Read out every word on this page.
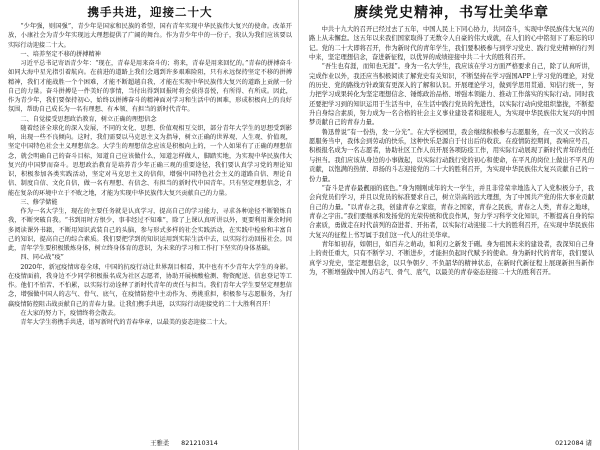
携手共进，迎接二十大

“少年强，则国强”，青少年是国家和民族的希望，国有青年实现中华民族伟大复兴的使命。改革开放，小康社会为青少年实现远大理想提供了广阔的舞台。作为青少年中的一份子，我认为我们应该要以实际行动迎接二十大。

一、培养坚定不移的拼搏精神

习近平总书记寄语青少年：“现在，青春是用来奋斗的；将来，青春是用来回忆的。”青春的拼搏奋斗如同大海中星光指引着航向。在前进的道路上我们会遇到许多艰难险阻，只有永远保持坚定不移的拼搏精神，我们才能战胜一个个困难，才能不断超越自我，才能在实现中华民族伟大复兴的道路上贡献一份自己的力量。奋斗拼搏是一件美好的事情，当付出得到回报时将会获得喜悦，有所得、有所成。因此，作为青少年，我们要保持初心，始终以拼搏奋斗的精神面对学习和生活中的困难，形成积极向上的良好氛围，帮助自己成长为一名有理想、有本领、有担当的新时代青年。

二、自觉接受思想政治教育，树立正确的理想信念

随着经济全球化的深入发展，不同的文化、思想、价值观相互交织，部分青年大学生的思想受到影响，出现一些不良倾向。这时，我们需要以马克思主义为指导，树立正确的世界观、人生观、价值观，坚定中国特色社会主义理想信念。大学生的理想信念应该是积极向上的，一个人如果有了正确的理想信念，就会明确自己的奋斗目标，知道自己应该做什么，知道怎样做人，脚踏实地，为实现中华民族伟大复兴的中国梦而奋斗。思想政治教育是培养青少年正确三观的重要途径，我们要认真学习党的理论知识，积极参加各类实践活动，坚定对马克思主义的信仰，增强中国特色社会主义的道路自信、理论自信、制度自信、文化自信，做一名有理想、有信念、有担当的新时代中国青年。只有坚定理想信念，才能在复杂的环境中立于不败之地，才能为实现中华民族伟大复兴贡献自己的力量。

三、修学储能

作为一名大学生，现在的主要任务就是认真学习，提高自己的学习能力，寻求各种途径不断锻炼自我，不断突破自我。“书到用时方恨少，事非经过不知难”，除了上课认真听讲以外，更要利用课余时间多阅读课外书籍，不断用知识武装自己的头脑，参与形式多样的社会实践活动，在实践中检验和丰富自己的知识，提高自己的综合素质。我们要把学到的知识运用到实际生活中去，以实际行动回报社会。因此，青年学生要积极锻炼身体，树立终身体育的意识，为未来的学习和工作打下坚实的身体基础。

四、同心战“疫”

2020年，新冠疫情席卷全球，中国的抗疫行动让世界刮目相看，其中也有不少青年大学生的身影。在疫情面前，我身边不少同学积极报名成为社区志愿者，协助开展核酸检测、物资配送、信息登记等工作。他们不怕苦、不怕累，以实际行动诠释了新时代青年的责任与担当。我们青年大学生要坚定理想信念，增强做中国人的志气、骨气、底气，在疫情防控中主动作为、勇挑重担，积极参与志愿服务，为打赢疫情防控阻击战贡献自己的青春力量。让我们携手共进，以实际行动迎接党的二十大胜利召开！

在大家的努力下，疫情终将会散去。

青年大学生将携手共进，谱写新时代的青春华章，以最美的姿态迎接二十大。

王雅柔 821210314
赓续党史精神，书写壮美华章

中共十九大的召开已经过去了五年，中国人民上下同心协力，共同奋斗，实现中华民族伟大复兴的路上从未懈怠。这五年以来我们国家取得了无数令人自豪的伟大成就，在人们的心中铭刻下了难忘的印记。党的二十大即将召开，作为新时代的青年学生，我们要积极参与到学习党史、践行党史精神的行列中来，坚定理想信念，奋进新征程，以优异的成绩迎接中共二十大的胜利召开。

“吾生也有涯，而知也无涯”。身为一名大学生，我应该在学习方面严格要求自己，除了认真听讲，完成作业以外，我还应当积极阅读了解党史有关知识，不断坚持在学习强国APP上学习党的理论，对党的历史、党的路线方针政策有更深入的了解和认识。开展理论学习，做到学思用贯通、知信行统一，努力把学习成果转化为坚定理想信念、锤炼政治品格、增强本领能力、推动工作落实的实际行动。同时我还要把学习到的知识运用于生活当中，在生活中践行党员的先进性，以实际行动向党组织靠拢，不断提升自身综合素质，努力成为一名合格的社会主义事业建设者和接班人，为实现中华民族伟大复兴的中国梦贡献自己的青春力量。

鲁迅曾说“有一份热，发一分光”。在大学校园里，我会继续积极参与志愿服务，在一次又一次的志愿服务当中，我体会到劳动的快乐，这种快乐是源自于付出后的收获。在疫情防控期间，我响应号召，积极报名成为一名志愿者，协助社区工作人员开展各项防疫工作，用实际行动展现了新时代青年的责任与担当。我们应该从身边的小事做起，以实际行动践行党的初心和使命，在平凡的岗位上做出不平凡的贡献，以饱满的热情、昂扬的斗志迎接党的二十大的胜利召开，为实现中华民族伟大复兴贡献自己的一份力量。

“奋斗是青春最靓丽的底色。”身为刚刚成年的大一学生，并且非常荣幸地选入了入党积极分子，我会向党员们学习，并且以党员的标准要求自己，树立崇高的远大理想，为了中国共产党的伟大事业贡献自己的力量。“以青春之我，创建青春之家庭，青春之国家，青春之民族，青春之人类，青春之地球，青春之宇宙。”我们要继承和发扬党的光荣传统和优良作风，努力学习科学文化知识，不断提高自身的综合素质，勇做走在时代前列的奋进者、开拓者，以实际行动迎接二十大的胜利召开，在实现中华民族伟大复兴的征程上书写属于我们这一代人的壮美华章。

青年如初春，如朝日，如百卉之萌动，如利刃之新发于硎。身为祖国未来的建设者，我深知自己身上的责任重大，只有不断学习、不断进步，才能担负起时代赋予的使命。身为新时代的青年，我们要认真学习党史，坚定理想信念，以只争朝夕、不负韶华的精神状态，在新时代新征程上展现新担当新作为，不断增强做中国人的志气、骨气、底气，以最美的青春姿态迎接二十大的胜利召开。

0212084 诸
